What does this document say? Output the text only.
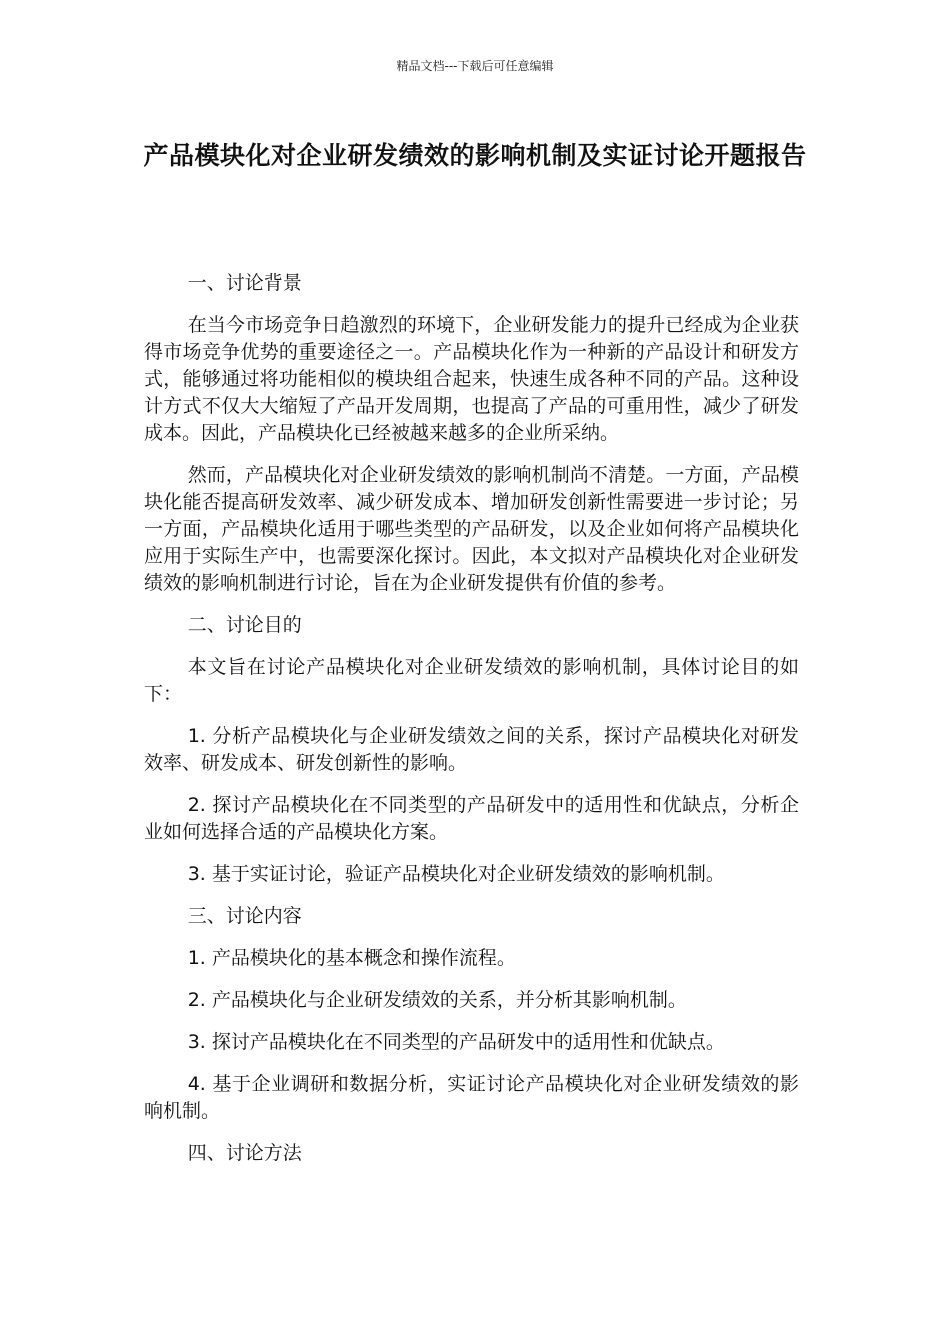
精品文档---下载后可任意编辑
产品模块化对企业研发绩效的影响机制及实证讨论开题报告

一、讨论背景

在当今市场竞争日趋激烈的环境下，企业研发能力的提升已经成为企业获得市场竞争优势的重要途径之一。产品模块化作为一种新的产品设计和研发方式，能够通过将功能相似的模块组合起来，快速生成各种不同的产品。这种设计方式不仅大大缩短了产品开发周期，也提高了产品的可重用性，减少了研发成本。因此，产品模块化已经被越来越多的企业所采纳。

然而，产品模块化对企业研发绩效的影响机制尚不清楚。一方面，产品模块化能否提高研发效率、减少研发成本、增加研发创新性需要进一步讨论；另一方面，产品模块化适用于哪些类型的产品研发，以及企业如何将产品模块化应用于实际生产中，也需要深化探讨。因此，本文拟对产品模块化对企业研发绩效的影响机制进行讨论，旨在为企业研发提供有价值的参考。

二、讨论目的

本文旨在讨论产品模块化对企业研发绩效的影响机制，具体讨论目的如下：

1. 分析产品模块化与企业研发绩效之间的关系，探讨产品模块化对研发效率、研发成本、研发创新性的影响。

2. 探讨产品模块化在不同类型的产品研发中的适用性和优缺点，分析企业如何选择合适的产品模块化方案。

3. 基于实证讨论，验证产品模块化对企业研发绩效的影响机制。

三、讨论内容

1. 产品模块化的基本概念和操作流程。

2. 产品模块化与企业研发绩效的关系，并分析其影响机制。

3. 探讨产品模块化在不同类型的产品研发中的适用性和优缺点。

4. 基于企业调研和数据分析，实证讨论产品模块化对企业研发绩效的影响机制。

四、讨论方法
